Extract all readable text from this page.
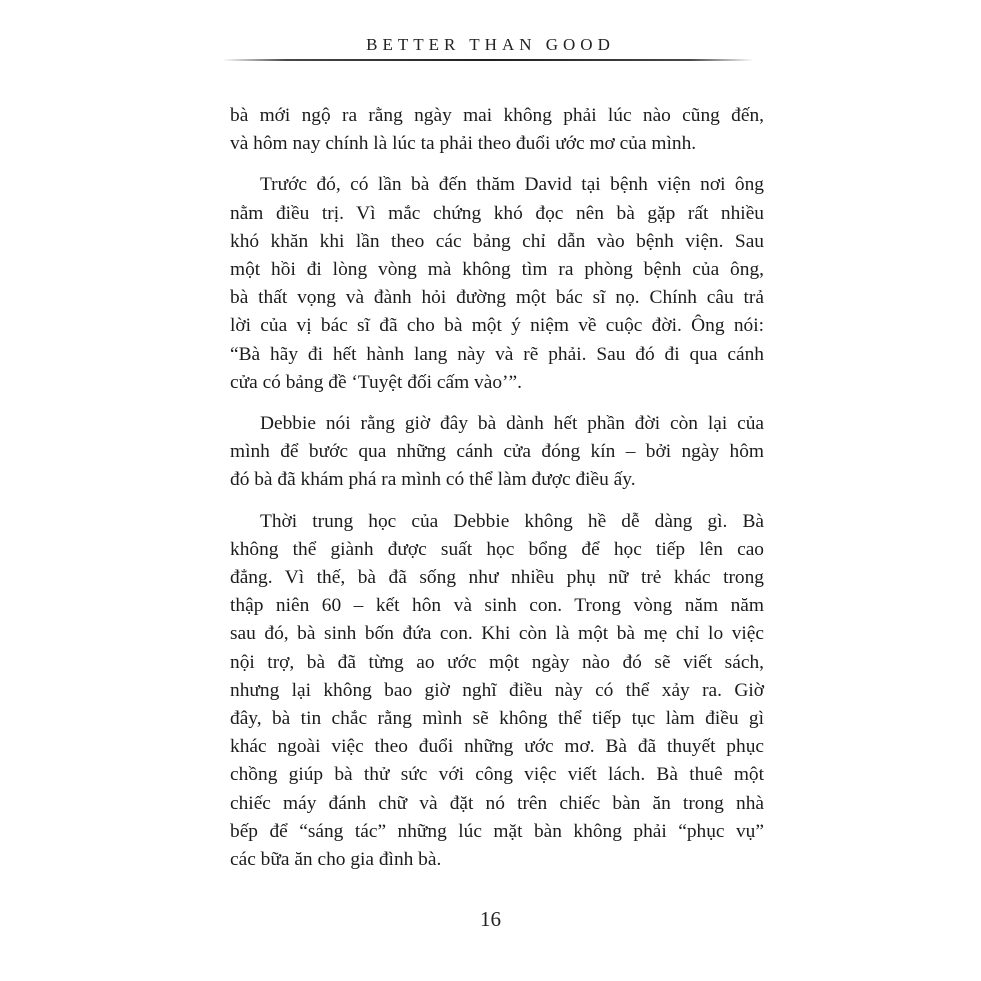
BETTER THAN GOOD

bà mới ngộ ra rằng ngày mai không phải lúc nào cũng đến,
và hôm nay chính là lúc ta phải theo đuổi ước mơ của mình.

Trước đó, có lần bà đến thăm David tại bệnh viện nơi ông
nằm điều trị. Vì mắc chứng khó đọc nên bà gặp rất nhiều
khó khăn khi lần theo các bảng chỉ dẫn vào bệnh viện. Sau
một hồi đi lòng vòng mà không tìm ra phòng bệnh của ông,
bà thất vọng và đành hỏi đường một bác sĩ nọ. Chính câu trả
lời của vị bác sĩ đã cho bà một ý niệm về cuộc đời. Ông nói:
“Bà hãy đi hết hành lang này và rẽ phải. Sau đó đi qua cánh
cửa có bảng đề ‘Tuyệt đối cấm vào’”.

Debbie nói rằng giờ đây bà dành hết phần đời còn lại của
mình để bước qua những cánh cửa đóng kín – bởi ngày hôm
đó bà đã khám phá ra mình có thể làm được điều ấy.

Thời trung học của Debbie không hề dễ dàng gì. Bà
không thể giành được suất học bổng để học tiếp lên cao
đẳng. Vì thế, bà đã sống như nhiều phụ nữ trẻ khác trong
thập niên 60 – kết hôn và sinh con. Trong vòng năm năm
sau đó, bà sinh bốn đứa con. Khi còn là một bà mẹ chỉ lo việc
nội trợ, bà đã từng ao ước một ngày nào đó sẽ viết sách,
nhưng lại không bao giờ nghĩ điều này có thể xảy ra. Giờ
đây, bà tin chắc rằng mình sẽ không thể tiếp tục làm điều gì
khác ngoài việc theo đuổi những ước mơ. Bà đã thuyết phục
chồng giúp bà thử sức với công việc viết lách. Bà thuê một
chiếc máy đánh chữ và đặt nó trên chiếc bàn ăn trong nhà
bếp để “sáng tác” những lúc mặt bàn không phải “phục vụ”
các bữa ăn cho gia đình bà.

16
